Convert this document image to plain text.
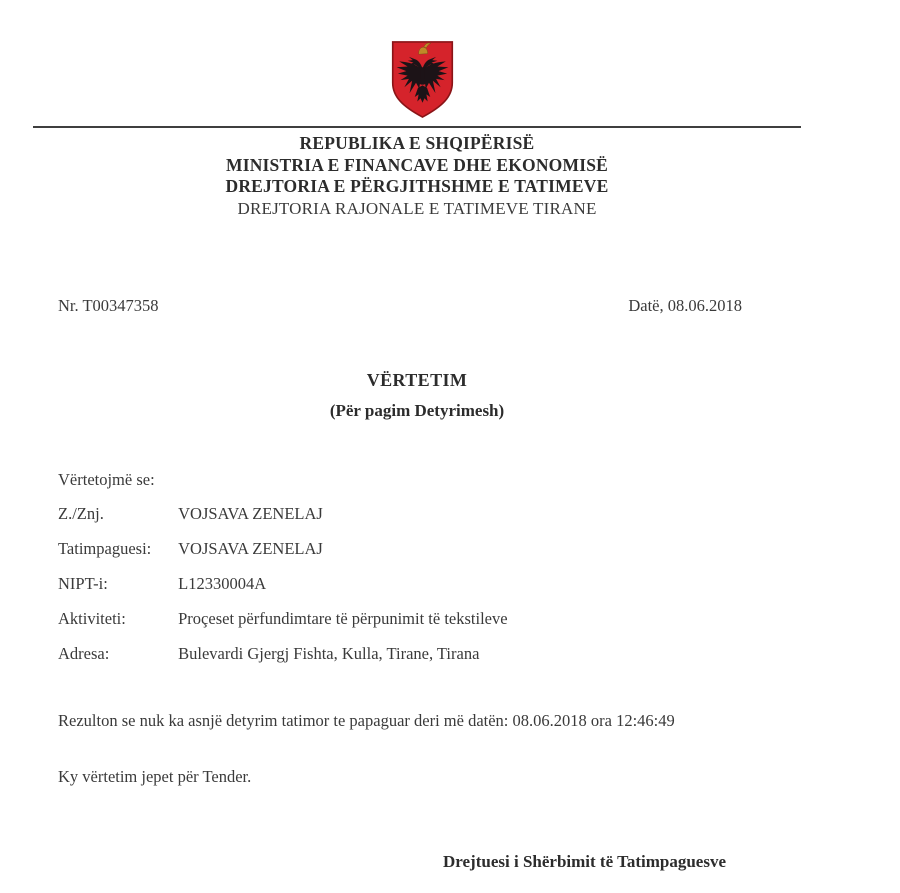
REPUBLIKA E SHQIPËRISË
MINISTRIA E FINANCAVE DHE EKONOMISË
DREJTORIA E PËRGJITHSHME E TATIMEVE
DREJTORIA RAJONALE E TATIMEVE TIRANE
Nr. T00347358	Datë, 08.06.2018
VËRTETIM
(Për pagim Detyrimesh)
Vërtetojmë se:
Z./Znj.	VOJSAVA ZENELAJ
Tatimpaguesi: VOJSAVA ZENELAJ
NIPT-i:	L12330004A
Aktiviteti:	Proçeset përfundimtare të përpunimit të tekstileve
Adresa:	Bulevardi Gjergj Fishta, Kulla, Tirane, Tirana
Rezulton se nuk ka asnjë detyrim tatimor te papaguar deri më datën: 08.06.2018 ora 12:46:49
Ky vërtetim jepet për Tender.
Drejtuesi i Shërbimit të Tatimpaguesve
